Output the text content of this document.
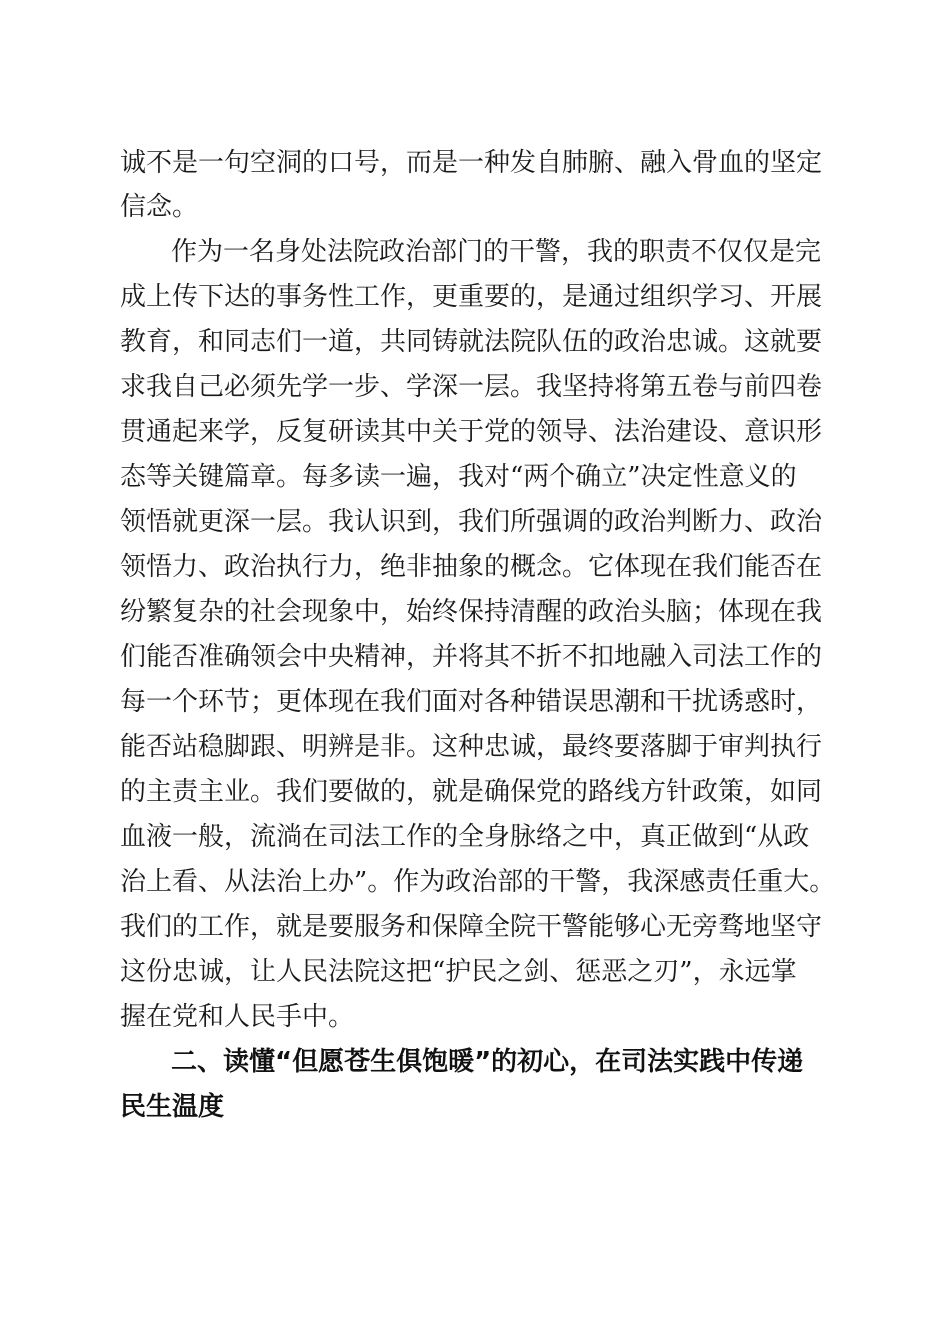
诚不是一句空洞的口号，而是一种发自肺腑、融入骨血的坚定

信念。

作为一名身处法院政治部门的干警，我的职责不仅仅是完

成上传下达的事务性工作，更重要的，是通过组织学习、开展

教育，和同志们一道，共同铸就法院队伍的政治忠诚。这就要

求我自己必须先学一步、学深一层。我坚持将第五卷与前四卷

贯通起来学，反复研读其中关于党的领导、法治建设、意识形

态等关键篇章。每多读一遍，我对“两个确立”决定性意义的

领悟就更深一层。我认识到，我们所强调的政治判断力、政治

领悟力、政治执行力，绝非抽象的概念。它体现在我们能否在

纷繁复杂的社会现象中，始终保持清醒的政治头脑；体现在我

们能否准确领会中央精神，并将其不折不扣地融入司法工作的

每一个环节；更体现在我们面对各种错误思潮和干扰诱惑时，

能否站稳脚跟、明辨是非。这种忠诚，最终要落脚于审判执行

的主责主业。我们要做的，就是确保党的路线方针政策，如同

血液一般，流淌在司法工作的全身脉络之中，真正做到“从政

治上看、从法治上办”。作为政治部的干警，我深感责任重大。

我们的工作，就是要服务和保障全院干警能够心无旁骛地坚守

这份忠诚，让人民法院这把“护民之剑、惩恶之刃”，永远掌

握在党和人民手中。

二、读懂“但愿苍生俱饱暖”的初心，在司法实践中传递

民生温度
